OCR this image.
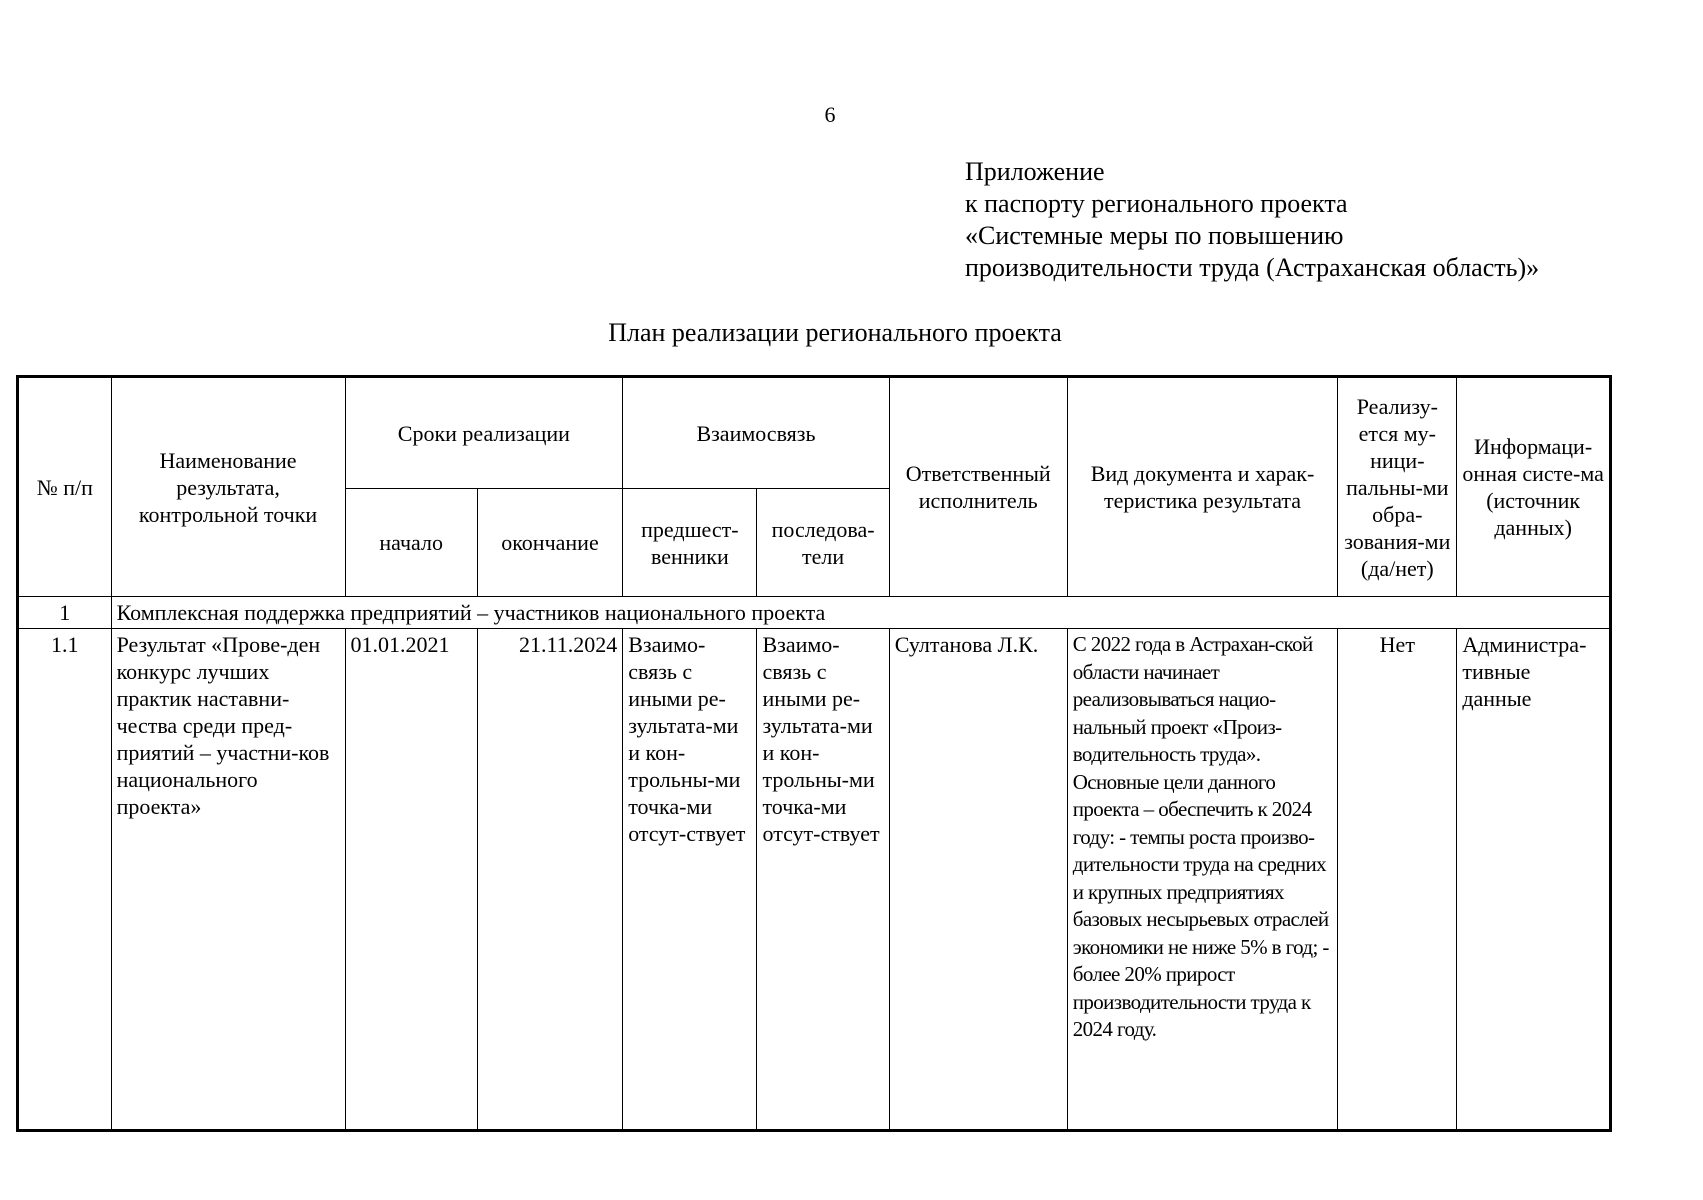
6
Приложение
к паспорту регионального проекта
«Системные меры по повышению
производительности труда (Астраханская область)»
План реализации регионального проекта
№ п/п	Наименование результата, контрольной точки	Сроки реализации		Взаимосвязь		Ответственный исполнитель	Вид документа и харак-теристика результата	Реализу-ется му-ници-пальны-ми обра-зования-ми (да/нет)	Информаци-онная систе-ма (источник данных)
		начало	окончание	предшест-венники	последова-тели				
1	Комплексная поддержка предприятий – участников национального проекта								
1.1	Результат «Прове-ден конкурс лучших практик наставни-чества среди пред-приятий – участни-ков национального проекта»	01.01.2021	21.11.2024	Взаимо-связь с иными ре-зультата-ми и кон-трольны-ми точка-ми отсут-ствует	Взаимо-связь с иными ре-зультата-ми и кон-трольны-ми точка-ми отсут-ствует	Султанова Л.К.	С 2022 года в Астрахан-ской области начинает реализовываться нацио-нальный проект «Произ-водительность труда». Основные цели данного проекта – обеспечить к 2024 году: - темпы роста произво-дительности труда на средних и крупных предприятиях базовых несырьевых отраслей экономики не ниже 5% в год; - более 20% прирост производительности труда к 2024 году.	Нет	Администра-тивные данные
